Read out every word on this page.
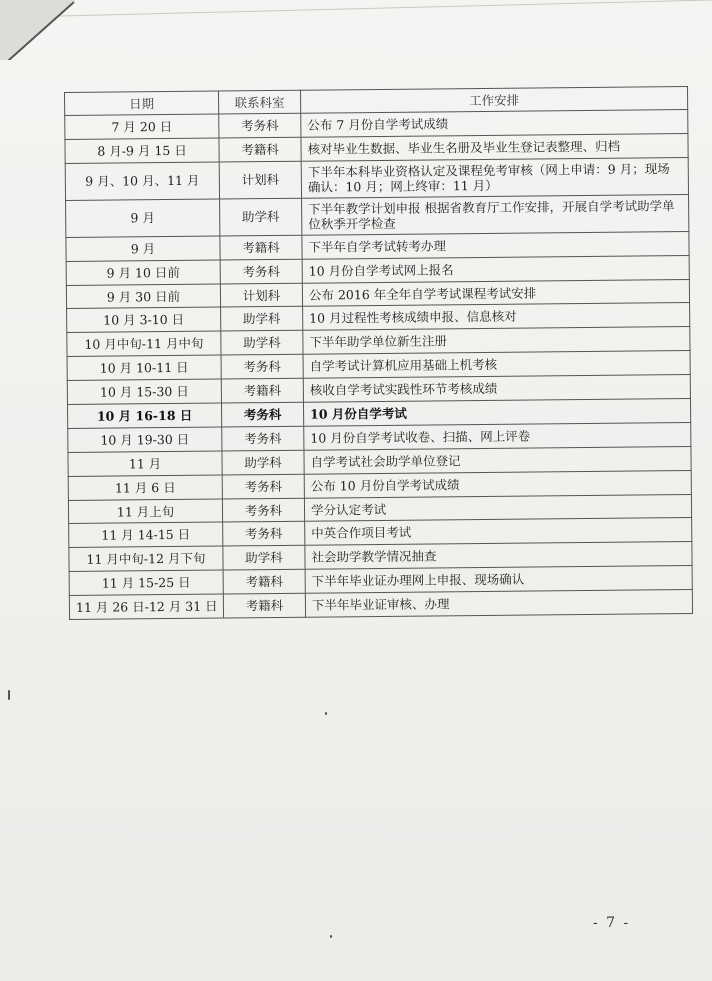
日期	联系科室	工作安排
7 月 20 日	考务科	公布 7 月份自学考试成绩
8 月-9 月 15 日	考籍科	核对毕业生数据、毕业生名册及毕业生登记表整理、归档
9 月、10 月、11 月	计划科	下半年本科毕业资格认定及课程免考审核（网上申请：9 月；现场确认：10 月；网上终审：11 月）
9 月	助学科	下半年教学计划申报 根据省教育厅工作安排，开展自学考试助学单位秋季开学检查
9 月	考籍科	下半年自学考试转考办理
9 月 10 日前	考务科	10 月份自学考试网上报名
9 月 30 日前	计划科	公布 2016 年全年自学考试课程考试安排
10 月 3-10 日	助学科	10 月过程性考核成绩申报、信息核对
10 月中旬-11 月中旬	助学科	下半年助学单位新生注册
10 月 10-11 日	考务科	自学考试计算机应用基础上机考核
10 月 15-30 日	考籍科	核收自学考试实践性环节考核成绩
10 月 16-18 日	考务科	10 月份自学考试
10 月 19-30 日	考务科	10 月份自学考试收卷、扫描、网上评卷
11 月	助学科	自学考试社会助学单位登记
11 月 6 日	考务科	公布 10 月份自学考试成绩
11 月上旬	考务科	学分认定考试
11 月 14-15 日	考务科	中英合作项目考试
11 月中旬-12 月下旬	助学科	社会助学教学情况抽查
11 月 15-25 日	考籍科	下半年毕业证办理网上申报、现场确认
11 月 26 日-12 月 31 日	考籍科	下半年毕业证审核、办理
- 7 -
